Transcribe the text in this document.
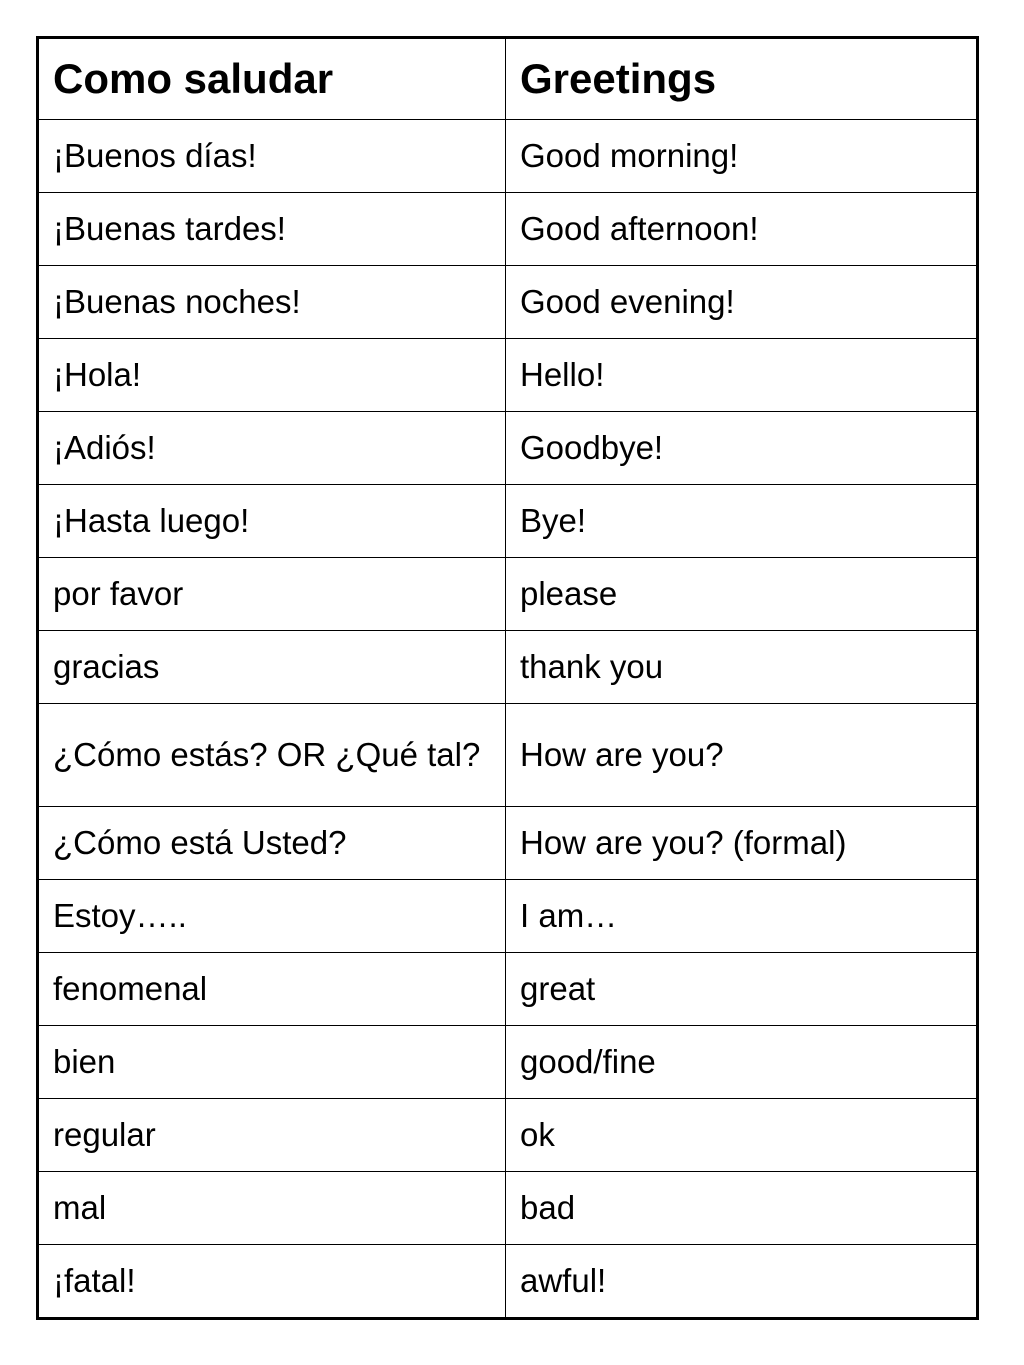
Como saludar	Greetings
¡Buenos días!	Good morning!
¡Buenas tardes!	Good afternoon!
¡Buenas noches!	Good evening!
¡Hola!	Hello!
¡Adiós!	Goodbye!
¡Hasta luego!	Bye!
por favor	please
gracias	thank you
¿Cómo estás? OR ¿Qué tal?	How are you?
¿Cómo está Usted?	How are you? (formal)
Estoy…..	I am…
fenomenal	great
bien	good/fine
regular	ok
mal	bad
¡fatal!	awful!
